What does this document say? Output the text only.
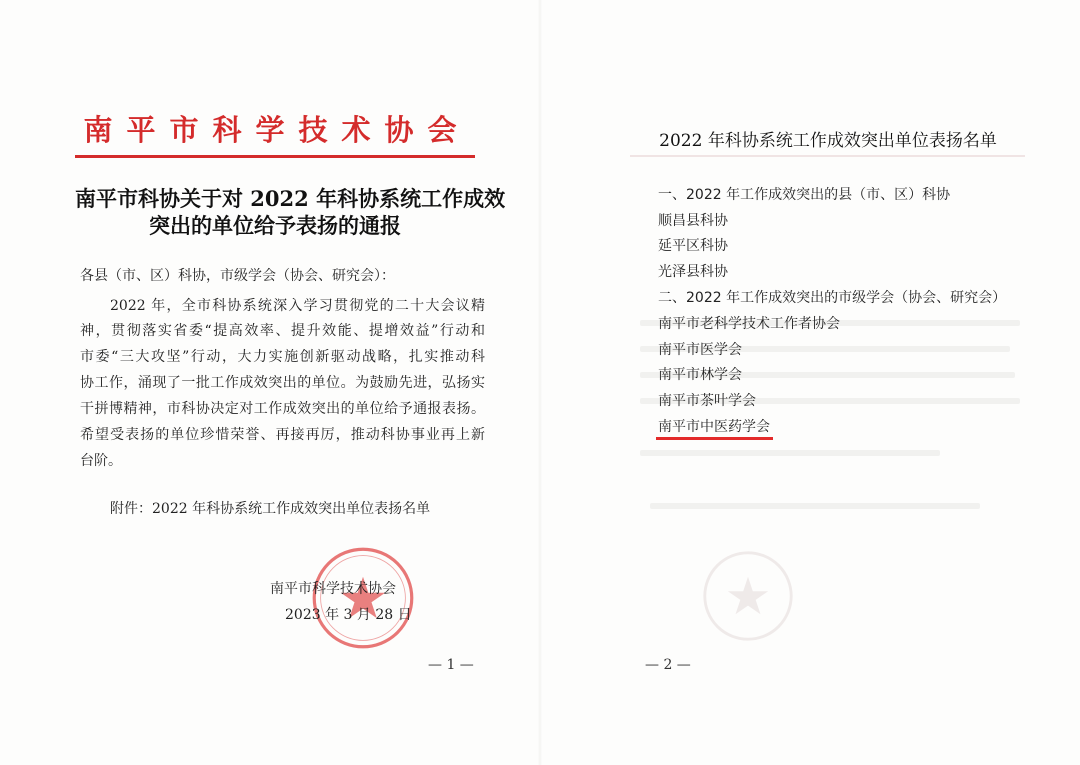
南平市科学技术协会
南平市科协关于对 2022 年科协系统工作成效
突出的单位给予表扬的通报
各县（市、区）科协，市级学会（协会、研究会）：
2022 年，全市科协系统深入学习贯彻党的二十大会议精
神，贯彻落实省委“提高效率、提升效能、提增效益”行动和
市委“三大攻坚”行动，大力实施创新驱动战略，扎实推动科
协工作，涌现了一批工作成效突出的单位。为鼓励先进，弘扬实
干拼博精神，市科协决定对工作成效突出的单位给予通报表扬。
希望受表扬的单位珍惜荣誉、再接再厉，推动科协事业再上新
台阶。
附件：2022 年科协系统工作成效突出单位表扬名单
南平市科学技术协会
2023 年 3 月 28 日
— 1 —
2022 年科协系统工作成效突出单位表扬名单
一、2022 年工作成效突出的县（市、区）科协
顺昌县科协
延平区科协
光泽县科协
二、2022 年工作成效突出的市级学会（协会、研究会）
南平市老科学技术工作者协会
南平市医学会
南平市林学会
南平市茶叶学会
南平市中医药学会
— 2 —
